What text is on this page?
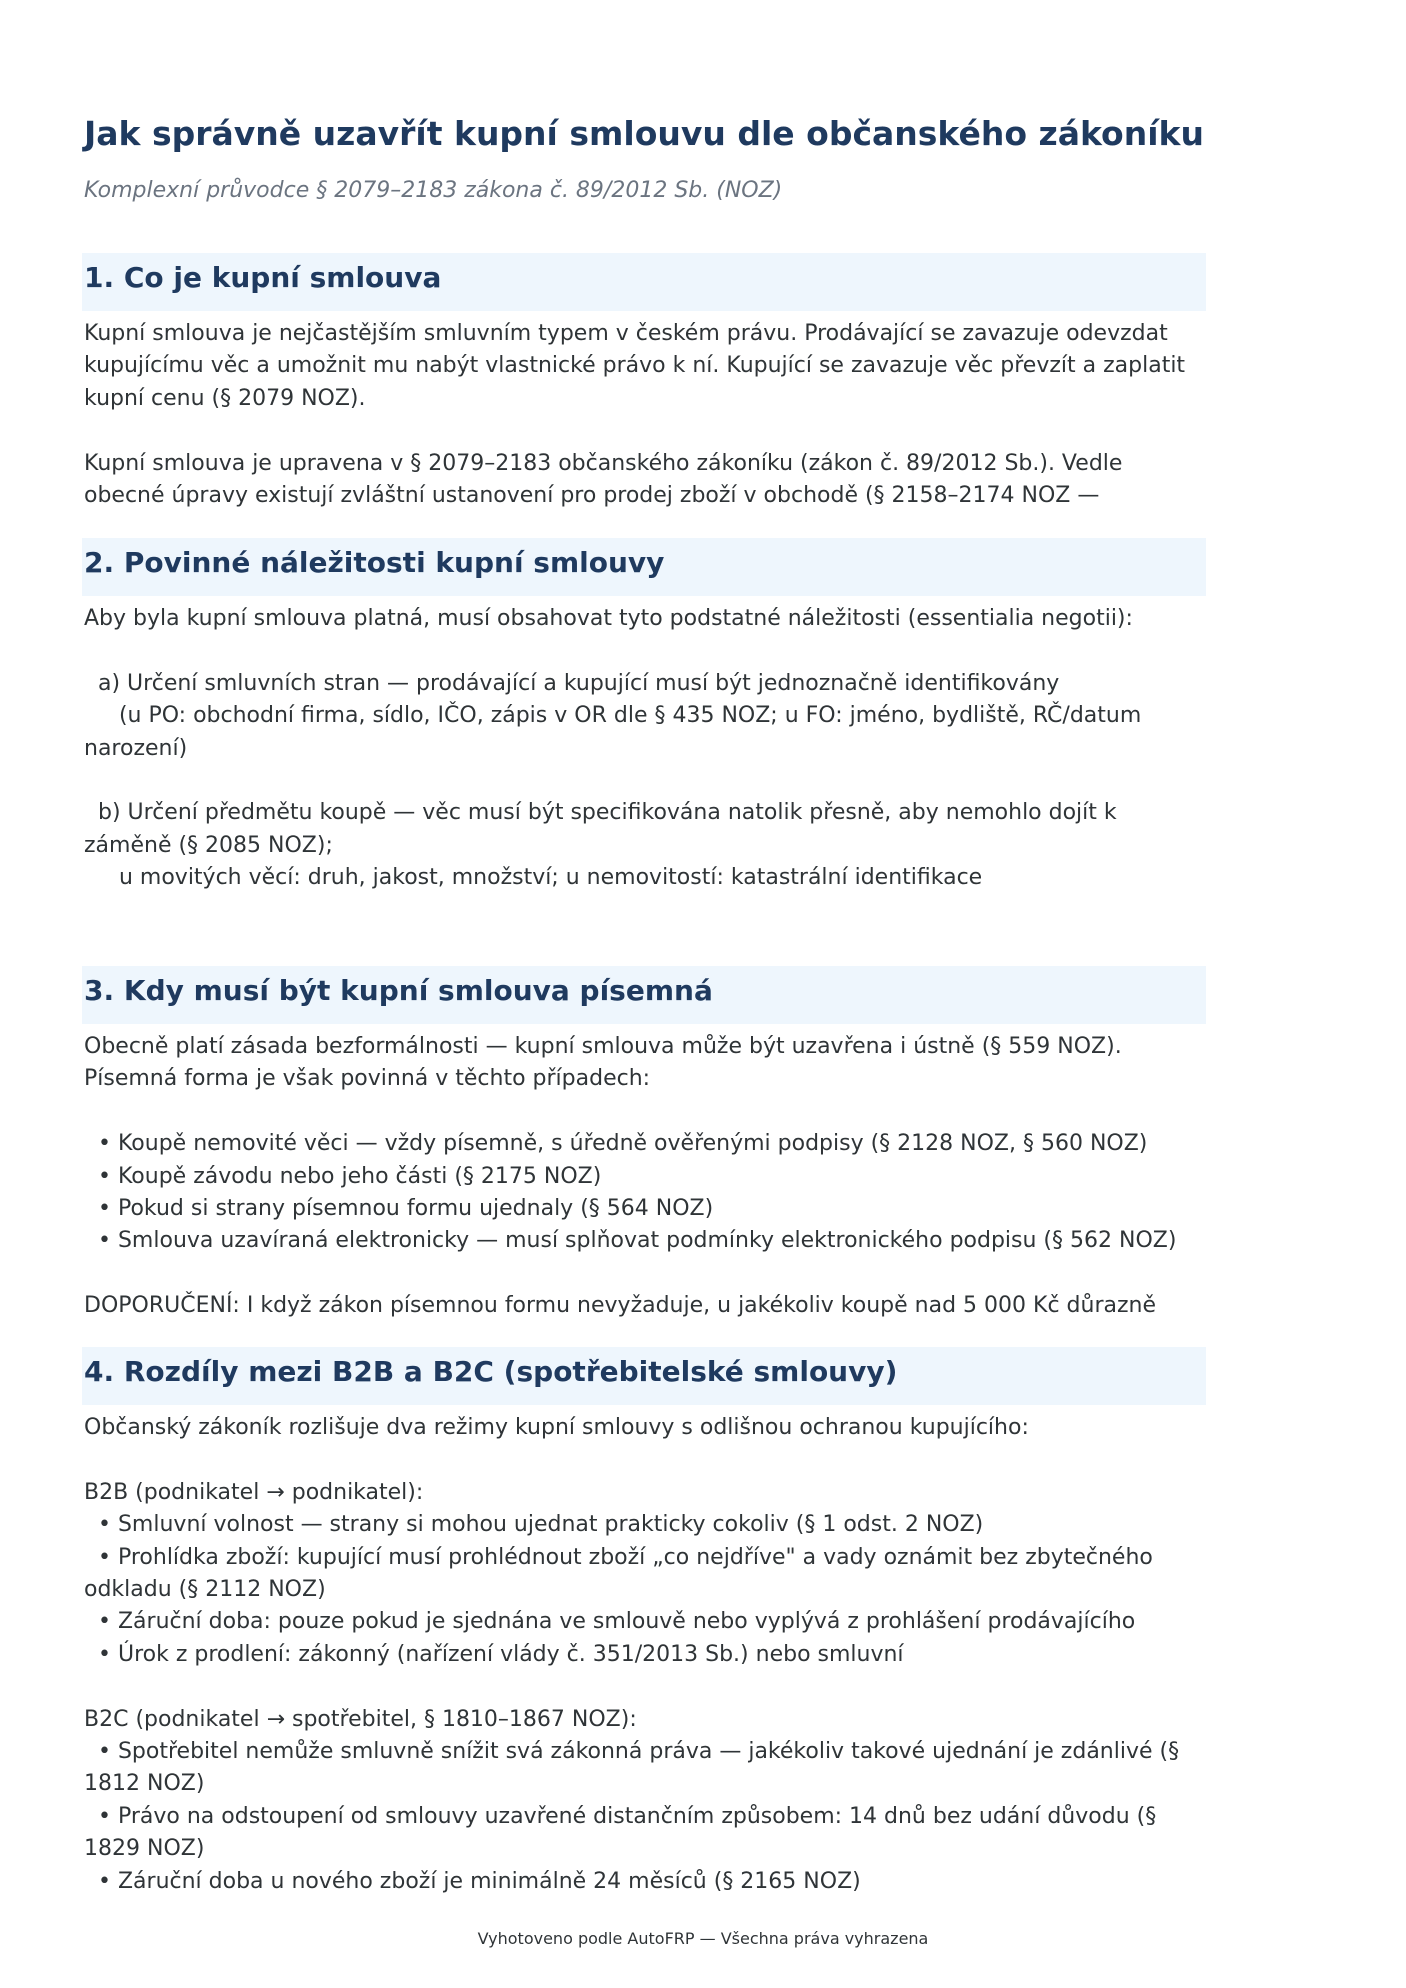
Jak správně uzavřít kupní smlouvu dle občanského zákoníku
Komplexní průvodce § 2079–2183 zákona č. 89/2012 Sb. (NOZ)
1. Co je kupní smlouva
Kupní smlouva je nejčastějším smluvním typem v českém právu. Prodávající se zavazuje odevzdat
kupujícímu věc a umožnit mu nabýt vlastnické právo k ní. Kupující se zavazuje věc převzít a zaplatit
kupní cenu (§ 2079 NOZ).

Kupní smlouva je upravena v § 2079–2183 občanského zákoníku (zákon č. 89/2012 Sb.). Vedle
obecné úpravy existují zvláštní ustanovení pro prodej zboží v obchodě (§ 2158–2174 NOZ —
2. Povinné náležitosti kupní smlouvy
Aby byla kupní smlouva platná, musí obsahovat tyto podstatné náležitosti (essentialia negotii):

a) Určení smluvních stran — prodávající a kupující musí být jednoznačně identifikovány
(u PO: obchodní firma, sídlo, IČO, zápis v OR dle § 435 NOZ; u FO: jméno, bydliště, RČ/datum
narození)

b) Určení předmětu koupě — věc musí být specifikována natolik přesně, aby nemohlo dojít k
záměně (§ 2085 NOZ);
u movitých věcí: druh, jakost, množství; u nemovitostí: katastrální identifikace
3. Kdy musí být kupní smlouva písemná
Obecně platí zásada bezformálnosti — kupní smlouva může být uzavřena i ústně (§ 559 NOZ).
Písemná forma je však povinná v těchto případech:

• Koupě nemovité věci — vždy písemně, s úředně ověřenými podpisy (§ 2128 NOZ, § 560 NOZ)
• Koupě závodu nebo jeho části (§ 2175 NOZ)
• Pokud si strany písemnou formu ujednaly (§ 564 NOZ)
• Smlouva uzavíraná elektronicky — musí splňovat podmínky elektronického podpisu (§ 562 NOZ)

DOPORUČENÍ: I když zákon písemnou formu nevyžaduje, u jakékoliv koupě nad 5 000 Kč důrazně
4. Rozdíly mezi B2B a B2C (spotřebitelské smlouvy)
Občanský zákoník rozlišuje dva režimy kupní smlouvy s odlišnou ochranou kupujícího:

B2B (podnikatel → podnikatel):
• Smluvní volnost — strany si mohou ujednat prakticky cokoliv (§ 1 odst. 2 NOZ)
• Prohlídka zboží: kupující musí prohlédnout zboží „co nejdříve" a vady oznámit bez zbytečného
odkladu (§ 2112 NOZ)
• Záruční doba: pouze pokud je sjednána ve smlouvě nebo vyplývá z prohlášení prodávajícího
• Úrok z prodlení: zákonný (nařízení vlády č. 351/2013 Sb.) nebo smluvní

B2C (podnikatel → spotřebitel, § 1810–1867 NOZ):
• Spotřebitel nemůže smluvně snížit svá zákonná práva — jakékoliv takové ujednání je zdánlivé (§
1812 NOZ)
• Právo na odstoupení od smlouvy uzavřené distančním způsobem: 14 dnů bez udání důvodu (§
1829 NOZ)
• Záruční doba u nového zboží je minimálně 24 měsíců (§ 2165 NOZ)
Vyhotoveno podle AutoFRP — Všechna práva vyhrazena
